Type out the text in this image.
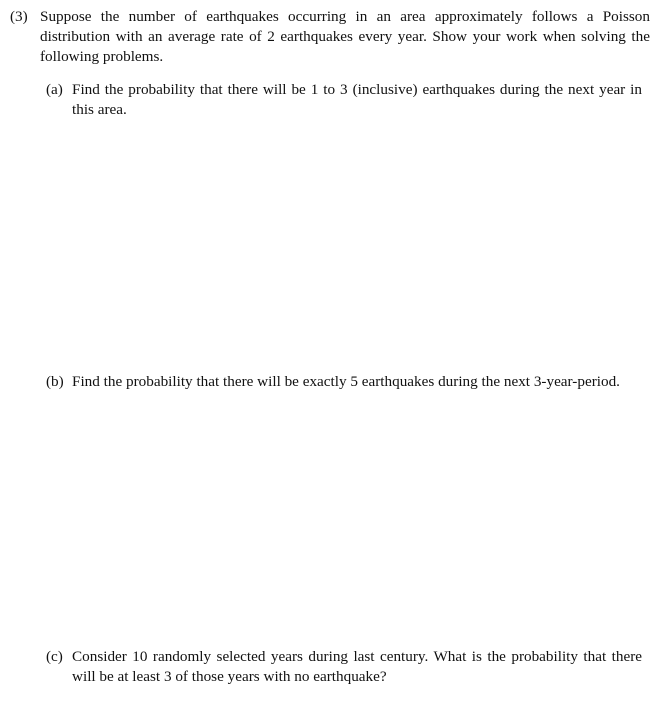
(3) Suppose the number of earthquakes occurring in an area approximately follows a Poisson distribution with an average rate of 2 earthquakes every year. Show your work when solving the following problems.
(a) Find the probability that there will be 1 to 3 (inclusive) earthquakes during the next year in this area.
(b) Find the probability that there will be exactly 5 earthquakes during the next 3-year-period.
(c) Consider 10 randomly selected years during last century. What is the probability that there will be at least 3 of those years with no earthquake?
